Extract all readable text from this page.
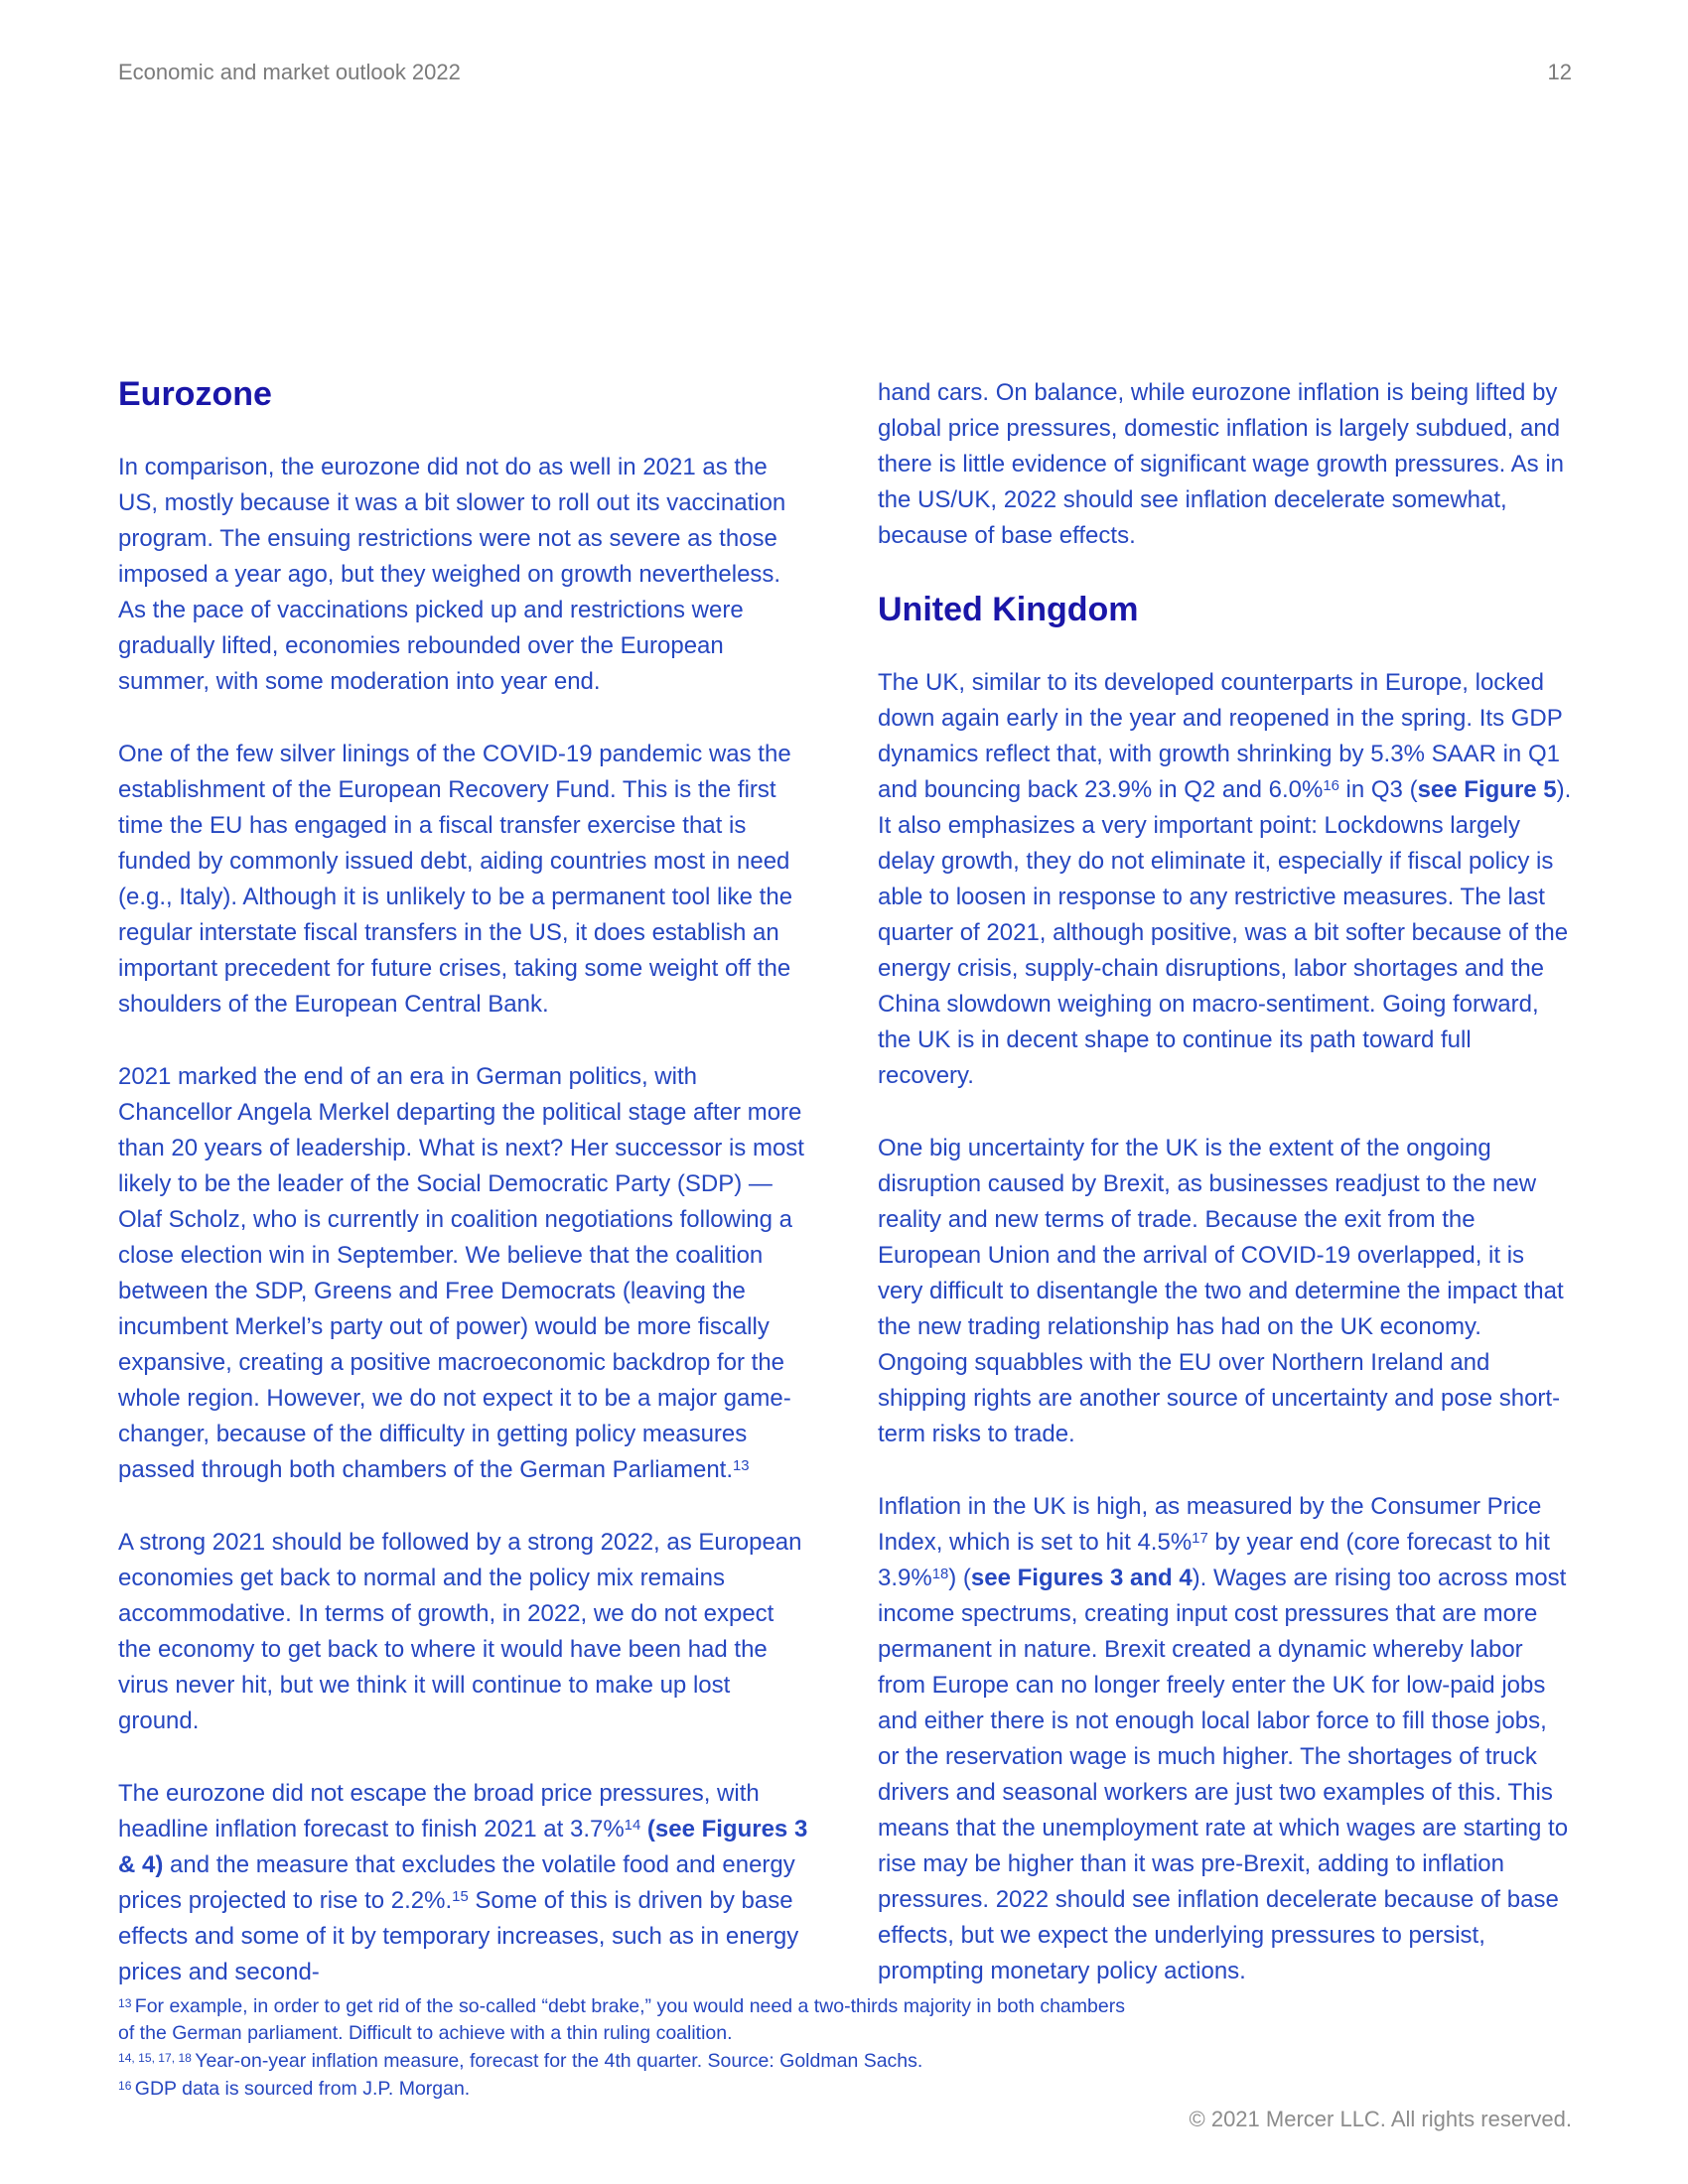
Economic and market outlook 2022	12
Eurozone

In comparison, the eurozone did not do as well in 2021 as the US, mostly because it was a bit slower to roll out its vaccination program. The ensuing restrictions were not as severe as those imposed a year ago, but they weighed on growth nevertheless. As the pace of vaccinations picked up and restrictions were gradually lifted, economies rebounded over the European summer, with some moderation into year end.

One of the few silver linings of the COVID-19 pandemic was the establishment of the European Recovery Fund. This is the first time the EU has engaged in a fiscal transfer exercise that is funded by commonly issued debt, aiding countries most in need (e.g., Italy). Although it is unlikely to be a permanent tool like the regular interstate fiscal transfers in the US, it does establish an important precedent for future crises, taking some weight off the shoulders of the European Central Bank.

2021 marked the end of an era in German politics, with Chancellor Angela Merkel departing the political stage after more than 20 years of leadership. What is next? Her successor is most likely to be the leader of the Social Democratic Party (SDP) — Olaf Scholz, who is currently in coalition negotiations following a close election win in September. We believe that the coalition between the SDP, Greens and Free Democrats (leaving the incumbent Merkel’s party out of power) would be more fiscally expansive, creating a positive macroeconomic backdrop for the whole region. However, we do not expect it to be a major game-changer, because of the difficulty in getting policy measures passed through both chambers of the German Parliament.$^{13}$

A strong 2021 should be followed by a strong 2022, as European economies get back to normal and the policy mix remains accommodative. In terms of growth, in 2022, we do not expect the economy to get back to where it would have been had the virus never hit, but we think it will continue to make up lost ground.

The eurozone did not escape the broad price pressures, with headline inflation forecast to finish 2021 at 3.7%$^{14}$ (see Figures 3 & 4) and the measure that excludes the volatile food and energy prices projected to rise to 2.2%.$^{15}$ Some of this is driven by base effects and some of it by temporary increases, such as in energy prices and second-

hand cars. On balance, while eurozone inflation is being lifted by global price pressures, domestic inflation is largely subdued, and there is little evidence of significant wage growth pressures. As in the US/UK, 2022 should see inflation decelerate somewhat, because of base effects.

United Kingdom

The UK, similar to its developed counterparts in Europe, locked down again early in the year and reopened in the spring. Its GDP dynamics reflect that, with growth shrinking by 5.3% SAAR in Q1 and bouncing back 23.9% in Q2 and 6.0%$^{16}$ in Q3 (see Figure 5). It also emphasizes a very important point: Lockdowns largely delay growth, they do not eliminate it, especially if fiscal policy is able to loosen in response to any restrictive measures. The last quarter of 2021, although positive, was a bit softer because of the energy crisis, supply-chain disruptions, labor shortages and the China slowdown weighing on macro-sentiment. Going forward, the UK is in decent shape to continue its path toward full recovery.

One big uncertainty for the UK is the extent of the ongoing disruption caused by Brexit, as businesses readjust to the new reality and new terms of trade. Because the exit from the European Union and the arrival of COVID-19 overlapped, it is very difficult to disentangle the two and determine the impact that the new trading relationship has had on the UK economy. Ongoing squabbles with the EU over Northern Ireland and shipping rights are another source of uncertainty and pose short-term risks to trade.

Inflation in the UK is high, as measured by the Consumer Price Index, which is set to hit 4.5%$^{17}$ by year end (core forecast to hit 3.9%$^{18}$) (see Figures 3 and 4). Wages are rising too across most income spectrums, creating input cost pressures that are more permanent in nature. Brexit created a dynamic whereby labor from Europe can no longer freely enter the UK for low-paid jobs and either there is not enough local labor force to fill those jobs, or the reservation wage is much higher. The shortages of truck drivers and seasonal workers are just two examples of this. This means that the unemployment rate at which wages are starting to rise may be higher than it was pre-Brexit, adding to inflation pressures. 2022 should see inflation decelerate because of base effects, but we expect the underlying pressures to persist, prompting monetary policy actions.

$^{13}$ For example, in order to get rid of the so-called “debt brake,” you would need a two-thirds majority in both chambers of the German parliament. Difficult to achieve with a thin ruling coalition.

$^{14, 15, 17, 18}$ Year-on-year inflation measure, forecast for the 4th quarter. Source: Goldman Sachs.

$^{16}$ GDP data is sourced from J.P. Morgan.

© 2021 Mercer LLC. All rights reserved.
